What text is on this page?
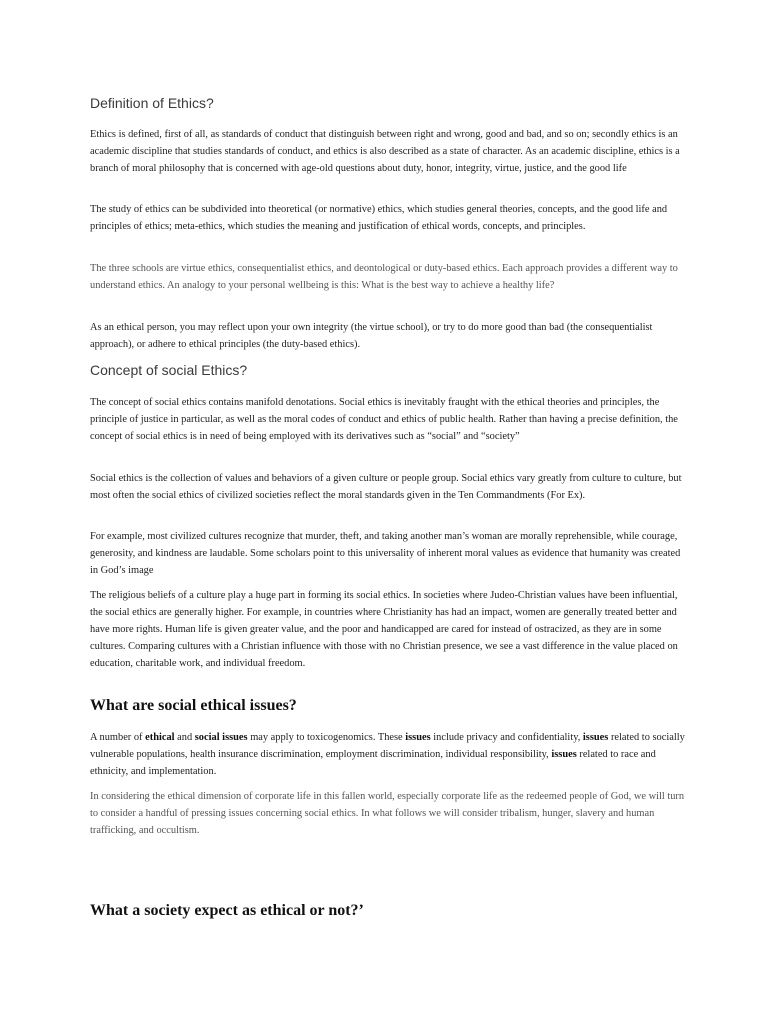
Definition of Ethics?

Ethics is defined, first of all, as standards of conduct that distinguish between right and wrong, good and bad, and so on; secondly ethics is an academic discipline that studies standards of conduct, and ethics is also described as a state of character. As an academic discipline, ethics is a branch of moral philosophy that is concerned with age-old questions about duty, honor, integrity, virtue, justice, and the good life

The study of ethics can be subdivided into theoretical (or normative) ethics, which studies general theories, concepts, and the good life and principles of ethics; meta-ethics, which studies the meaning and justification of ethical words, concepts, and principles.

The three schools are virtue ethics, consequentialist ethics, and deontological or duty-based ethics. Each approach provides a different way to understand ethics. An analogy to your personal wellbeing is this: What is the best way to achieve a healthy life?

As an ethical person, you may reflect upon your own integrity (the virtue school), or try to do more good than bad (the consequentialist approach), or adhere to ethical principles (the duty-based ethics).

Concept of social Ethics?

The concept of social ethics contains manifold denotations. Social ethics is inevitably fraught with the ethical theories and principles, the principle of justice in particular, as well as the moral codes of conduct and ethics of public health. Rather than having a precise definition, the concept of social ethics is in need of being employed with its derivatives such as “social” and “society”

Social ethics is the collection of values and behaviors of a given culture or people group. Social ethics vary greatly from culture to culture, but most often the social ethics of civilized societies reflect the moral standards given in the Ten Commandments (For Ex).

For example, most civilized cultures recognize that murder, theft, and taking another man’s woman are morally reprehensible, while courage, generosity, and kindness are laudable. Some scholars point to this universality of inherent moral values as evidence that humanity was created in God’s image

The religious beliefs of a culture play a huge part in forming its social ethics. In societies where Judeo-Christian values have been influential, the social ethics are generally higher. For example, in countries where Christianity has had an impact, women are generally treated better and have more rights. Human life is given greater value, and the poor and handicapped are cared for instead of ostracized, as they are in some cultures. Comparing cultures with a Christian influence with those with no Christian presence, we see a vast difference in the value placed on education, charitable work, and individual freedom.

What are social ethical issues?

A number of ethical and social issues may apply to toxicogenomics. These issues include privacy and confidentiality, issues related to socially vulnerable populations, health insurance discrimination, employment discrimination, individual responsibility, issues related to race and ethnicity, and implementation.

In considering the ethical dimension of corporate life in this fallen world, especially corporate life as the redeemed people of God, we will turn to consider a handful of pressing issues concerning social ethics. In what follows we will consider tribalism, hunger, slavery and human trafficking, and occultism.

What a society expect as ethical or not?’
